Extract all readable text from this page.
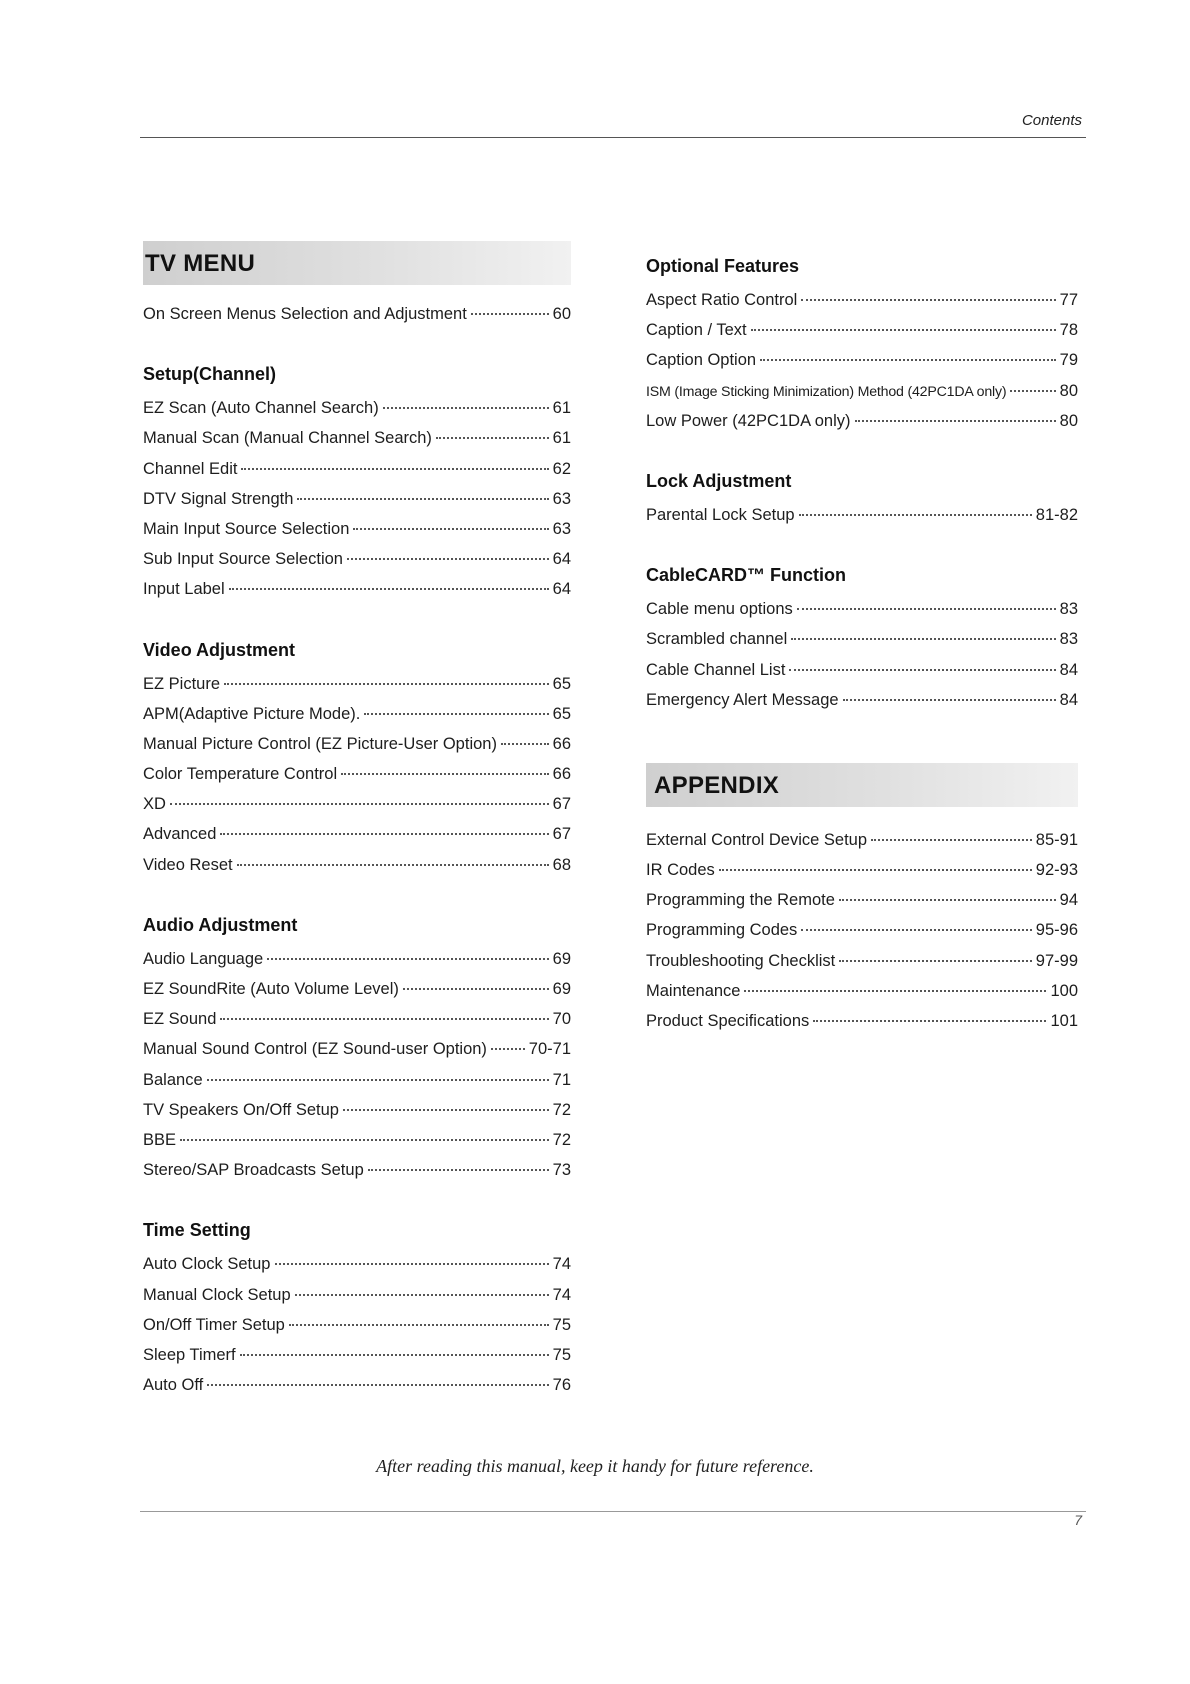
Contents
TV MENU
On Screen Menus Selection and Adjustment	60
Setup(Channel)
EZ Scan (Auto Channel Search)	61
Manual Scan (Manual Channel Search)	61
Channel Edit	62
DTV Signal Strength	63
Main Input Source Selection	63
Sub Input Source Selection	64
Input Label	64
Video Adjustment
EZ Picture	65
APM(Adaptive Picture Mode).	65
Manual Picture Control (EZ Picture-User Option)	66
Color Temperature Control	66
XD	67
Advanced	67
Video Reset	68
Audio Adjustment
Audio Language	69
EZ SoundRite (Auto Volume Level)	69
EZ Sound	70
Manual Sound Control (EZ Sound-user Option)	70-71
Balance	71
TV Speakers On/Off Setup	72
BBE	72
Stereo/SAP Broadcasts Setup	73
Time Setting
Auto Clock Setup	74
Manual Clock Setup	74
On/Off Timer Setup	75
Sleep Timerf	75
Auto Off	76
Optional Features
Aspect Ratio Control	77
Caption / Text	78
Caption Option	79
ISM (Image Sticking Minimization) Method (42PC1DA only)	80
Low Power (42PC1DA only)	80
Lock Adjustment
Parental Lock Setup	81-82
CableCARD™ Function
Cable menu options	83
Scrambled channel	83
Cable Channel List	84
Emergency Alert Message	84
APPENDIX
External Control Device Setup	85-91
IR Codes	92-93
Programming the Remote	94
Programming Codes	95-96
Troubleshooting Checklist	97-99
Maintenance	100
Product Specifications	101
After reading this manual, keep it handy for future reference.
7
